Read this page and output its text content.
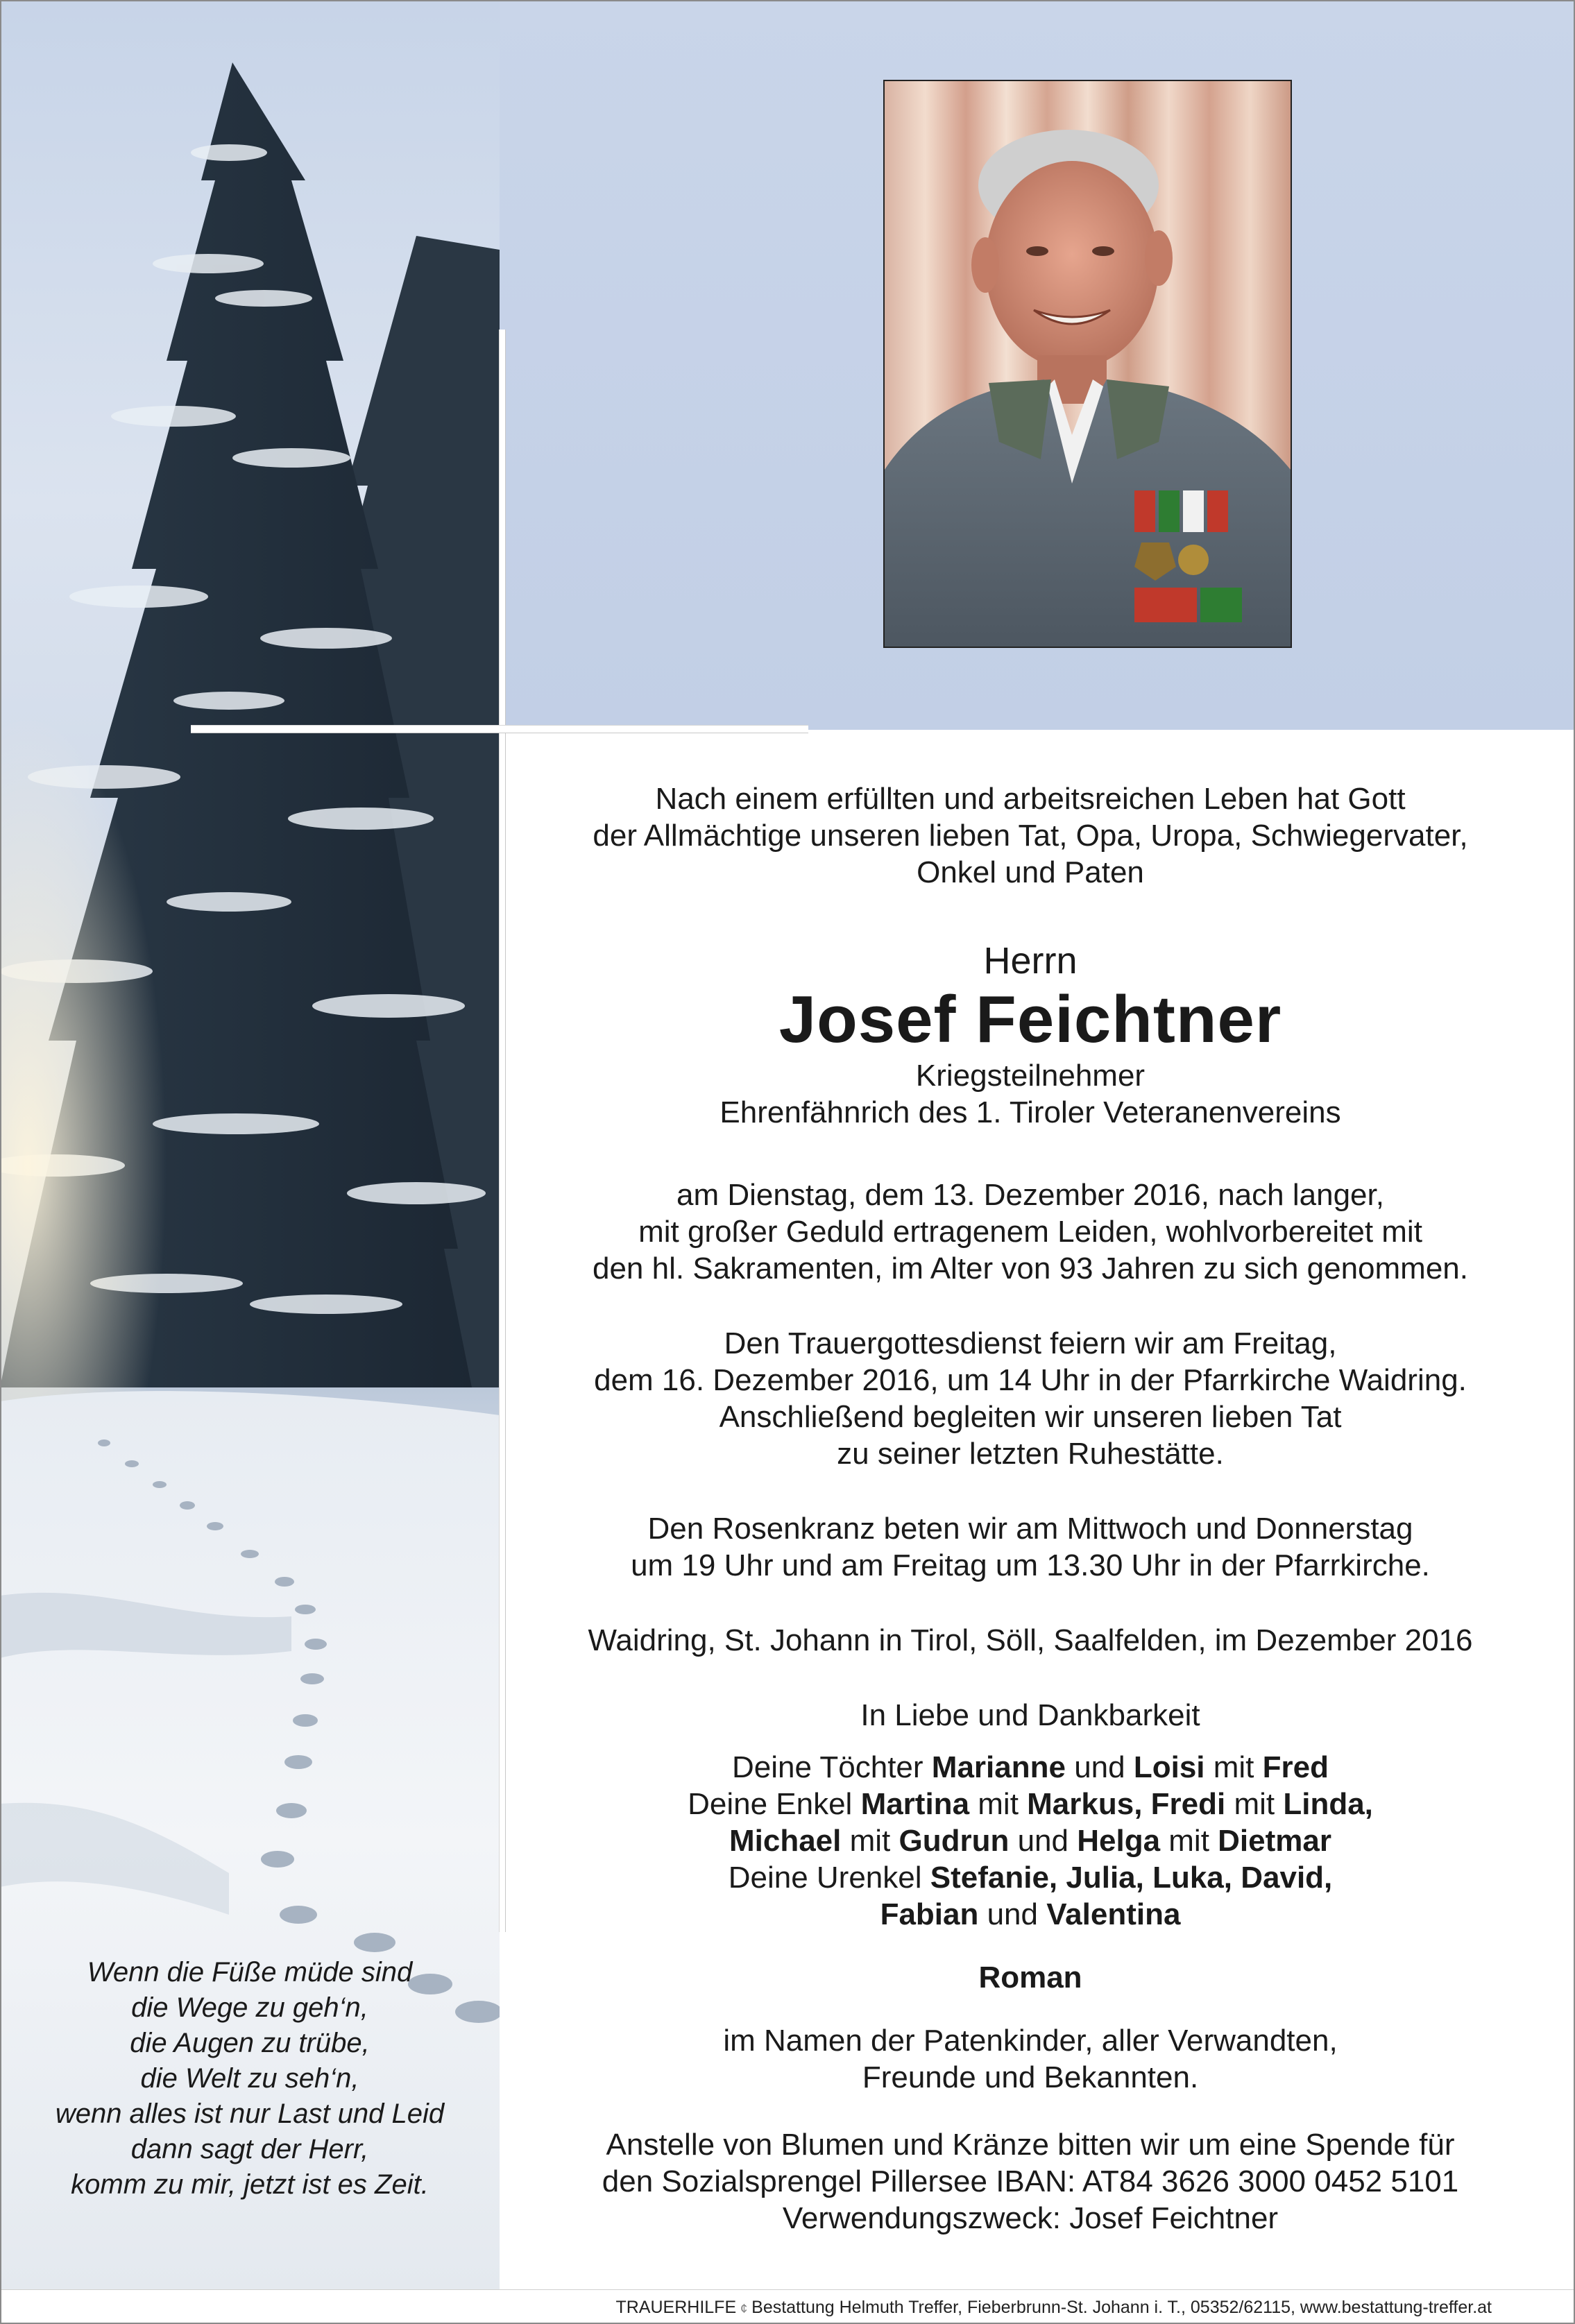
Nach einem erfüllten und arbeitsreichen Leben hat Gott
der Allmächtige unseren lieben Tat, Opa, Uropa, Schwiegervater,
Onkel und Paten
Herrn
Josef Feichtner
Kriegsteilnehmer
Ehrenfähnrich des 1. Tiroler Veteranenvereins
am Dienstag, dem 13. Dezember 2016, nach langer,
mit großer Geduld ertragenem Leiden, wohlvorbereitet mit
den hl. Sakramenten, im Alter von 93 Jahren zu sich genommen.
Den Trauergottesdienst feiern wir am Freitag,
dem 16. Dezember 2016, um 14 Uhr in der Pfarrkirche Waidring.
Anschließend begleiten wir unseren lieben Tat
zu seiner letzten Ruhestätte.
Den Rosenkranz beten wir am Mittwoch und Donnerstag
um 19 Uhr und am Freitag um 13.30 Uhr in der Pfarrkirche.
Waidring, St. Johann in Tirol, Söll, Saalfelden, im Dezember 2016
In Liebe und Dankbarkeit
Deine Töchter Marianne und Loisi mit Fred
Deine Enkel Martina mit Markus, Fredi mit Linda,
Michael mit Gudrun und Helga mit Dietmar
Deine Urenkel Stefanie, Julia, Luka, David,
Fabian und Valentina
Roman
im Namen der Patenkinder, aller Verwandten,
Freunde und Bekannten.
Anstelle von Blumen und Kränze bitten wir um eine Spende für
den Sozialsprengel Pillersee IBAN: AT84 3626 3000 0452 5101
Verwendungszweck: Josef Feichtner
Wenn die Füße müde sind
die Wege zu geh‘n,
die Augen zu trübe,
die Welt zu seh‘n,
wenn alles ist nur Last und Leid
dann sagt der Herr,
komm zu mir, jetzt ist es Zeit.
TRAUERHILFE ¢ Bestattung Helmuth Treffer, Fieberbrunn-St. Johann i. T., 05352/62115, www.bestattung-treffer.at
